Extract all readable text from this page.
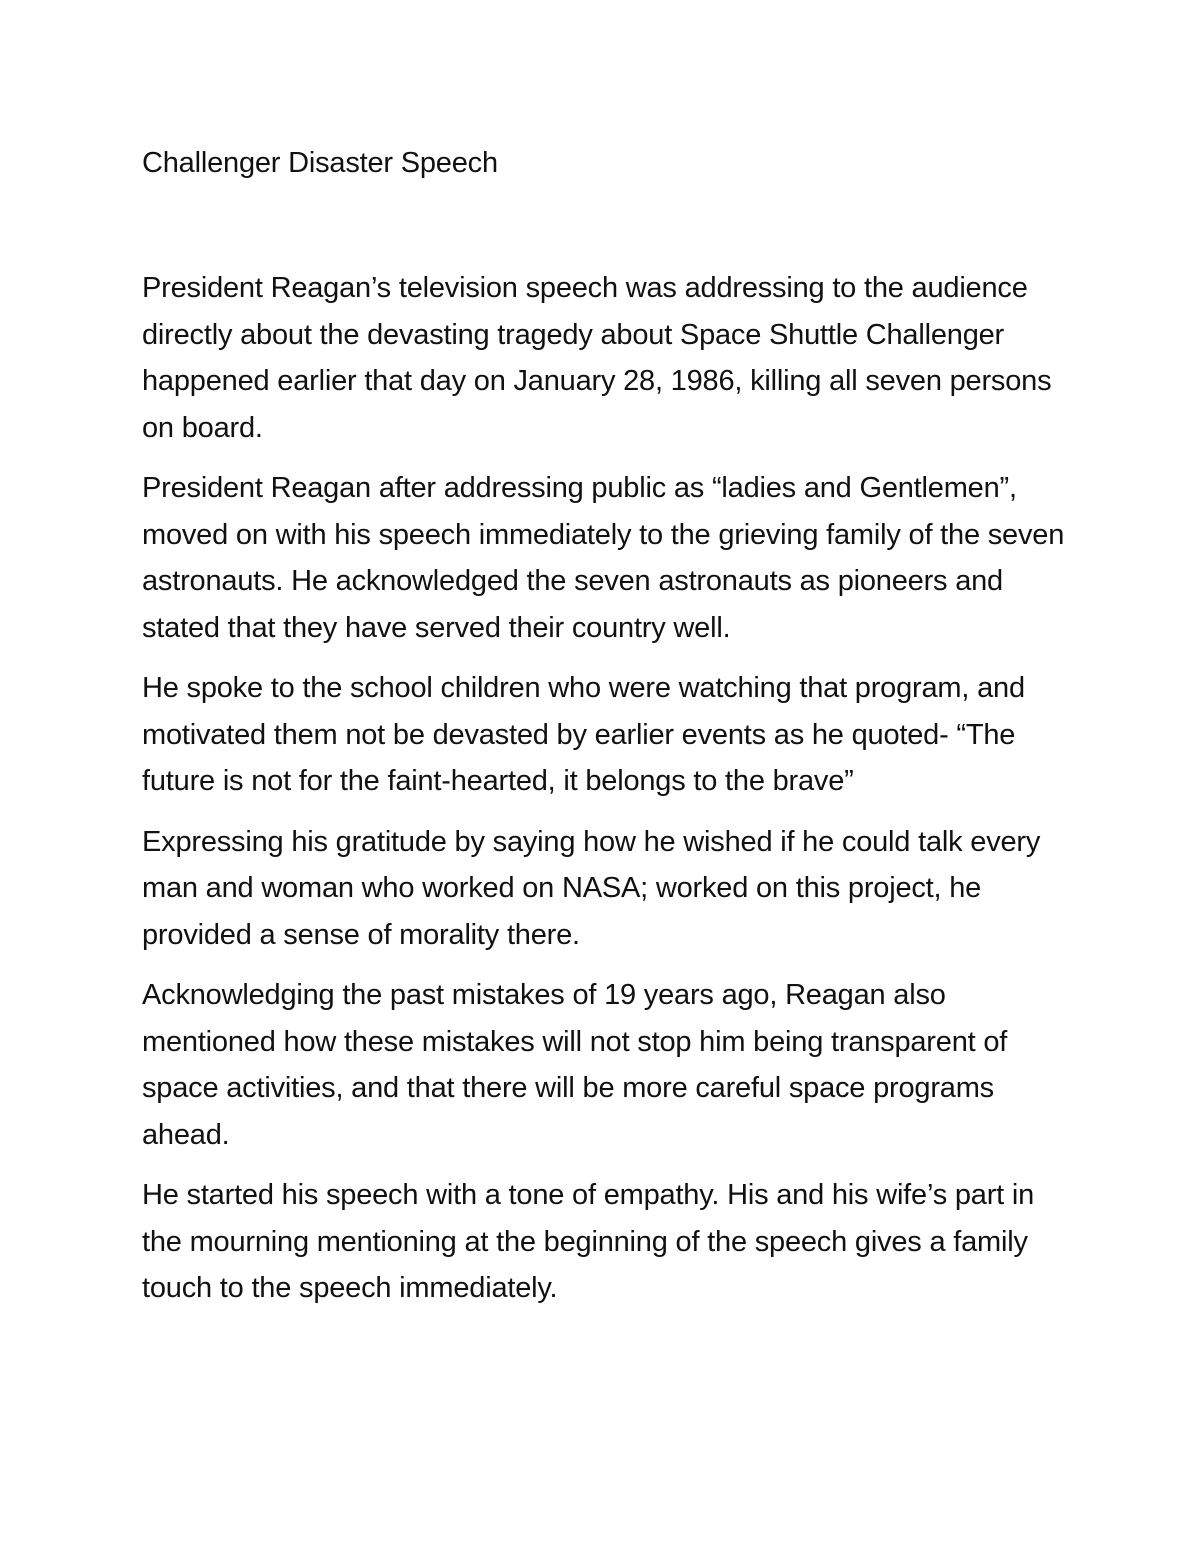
Challenger Disaster Speech

President Reagan’s television speech was addressing to the audience directly about the devasting tragedy about Space Shuttle Challenger happened earlier that day on January 28, 1986, killing all seven persons on board.

President Reagan after addressing public as “ladies and Gentlemen”, moved on with his speech immediately to the grieving family of the seven astronauts. He acknowledged the seven astronauts as pioneers and stated that they have served their country well.

He spoke to the school children who were watching that program, and motivated them not be devasted by earlier events as he quoted- “The future is not for the faint-hearted, it belongs to the brave”

Expressing his gratitude by saying how he wished if he could talk every man and woman who worked on NASA; worked on this project, he provided a sense of morality there.

Acknowledging the past mistakes of 19 years ago, Reagan also mentioned how these mistakes will not stop him being transparent of space activities, and that there will be more careful space programs ahead.

He started his speech with a tone of empathy. His and his wife’s part in the mourning mentioning at the beginning of the speech gives a family touch to the speech immediately.
